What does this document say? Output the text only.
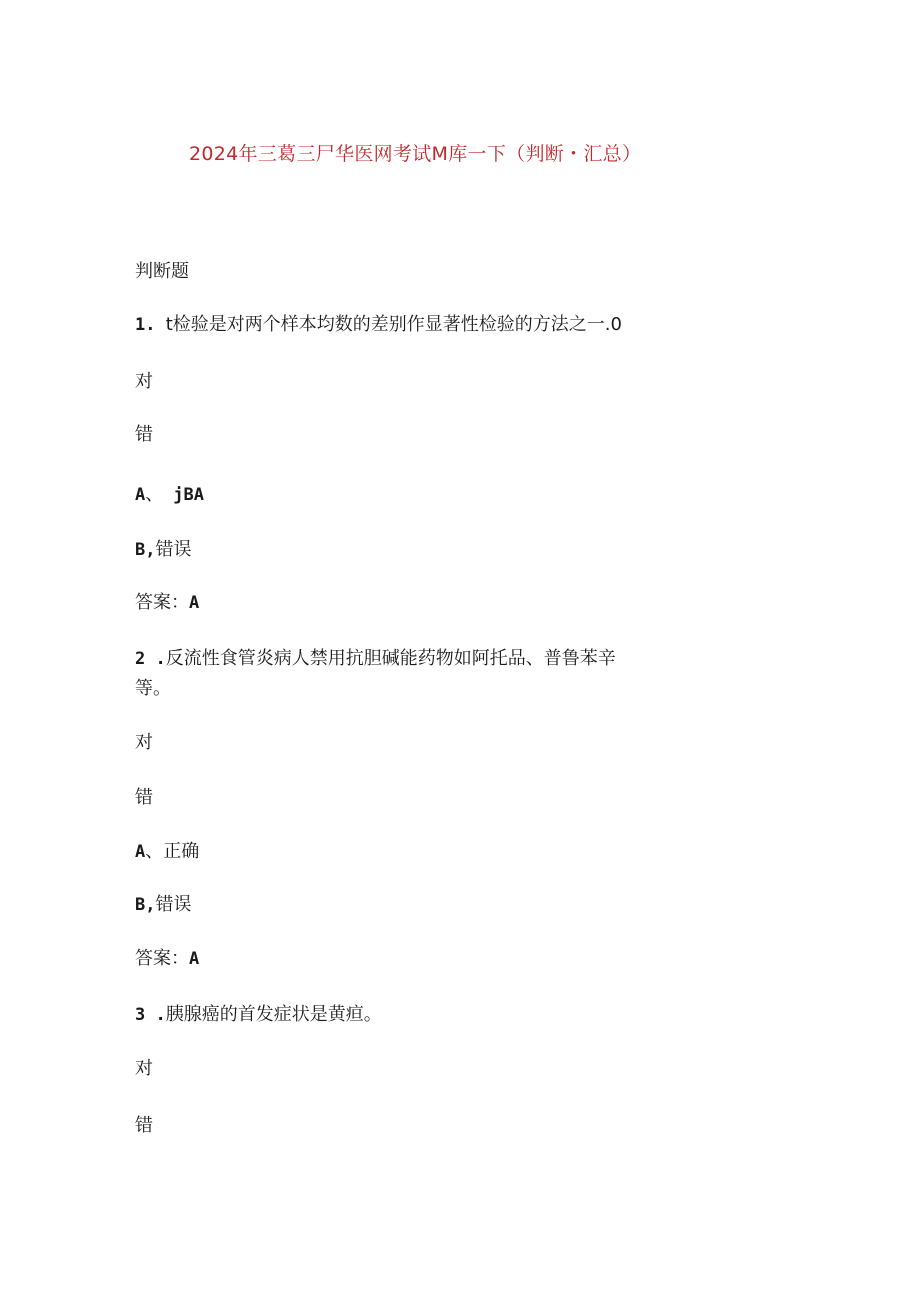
2024年三葛三尸华医网考试M库一下（判断・汇总）
判断题
1. t检验是对两个样本均数的差别作显著性检验的方法之一.0
对
错
A、 jBA
B,错误
答案：A
2 .反流性食管炎病人禁用抗胆碱能药物如阿托品、普鲁苯辛等。
对
错
A、正确
B,错误
答案：A
3 .胰腺癌的首发症状是黄疸。
对
错
